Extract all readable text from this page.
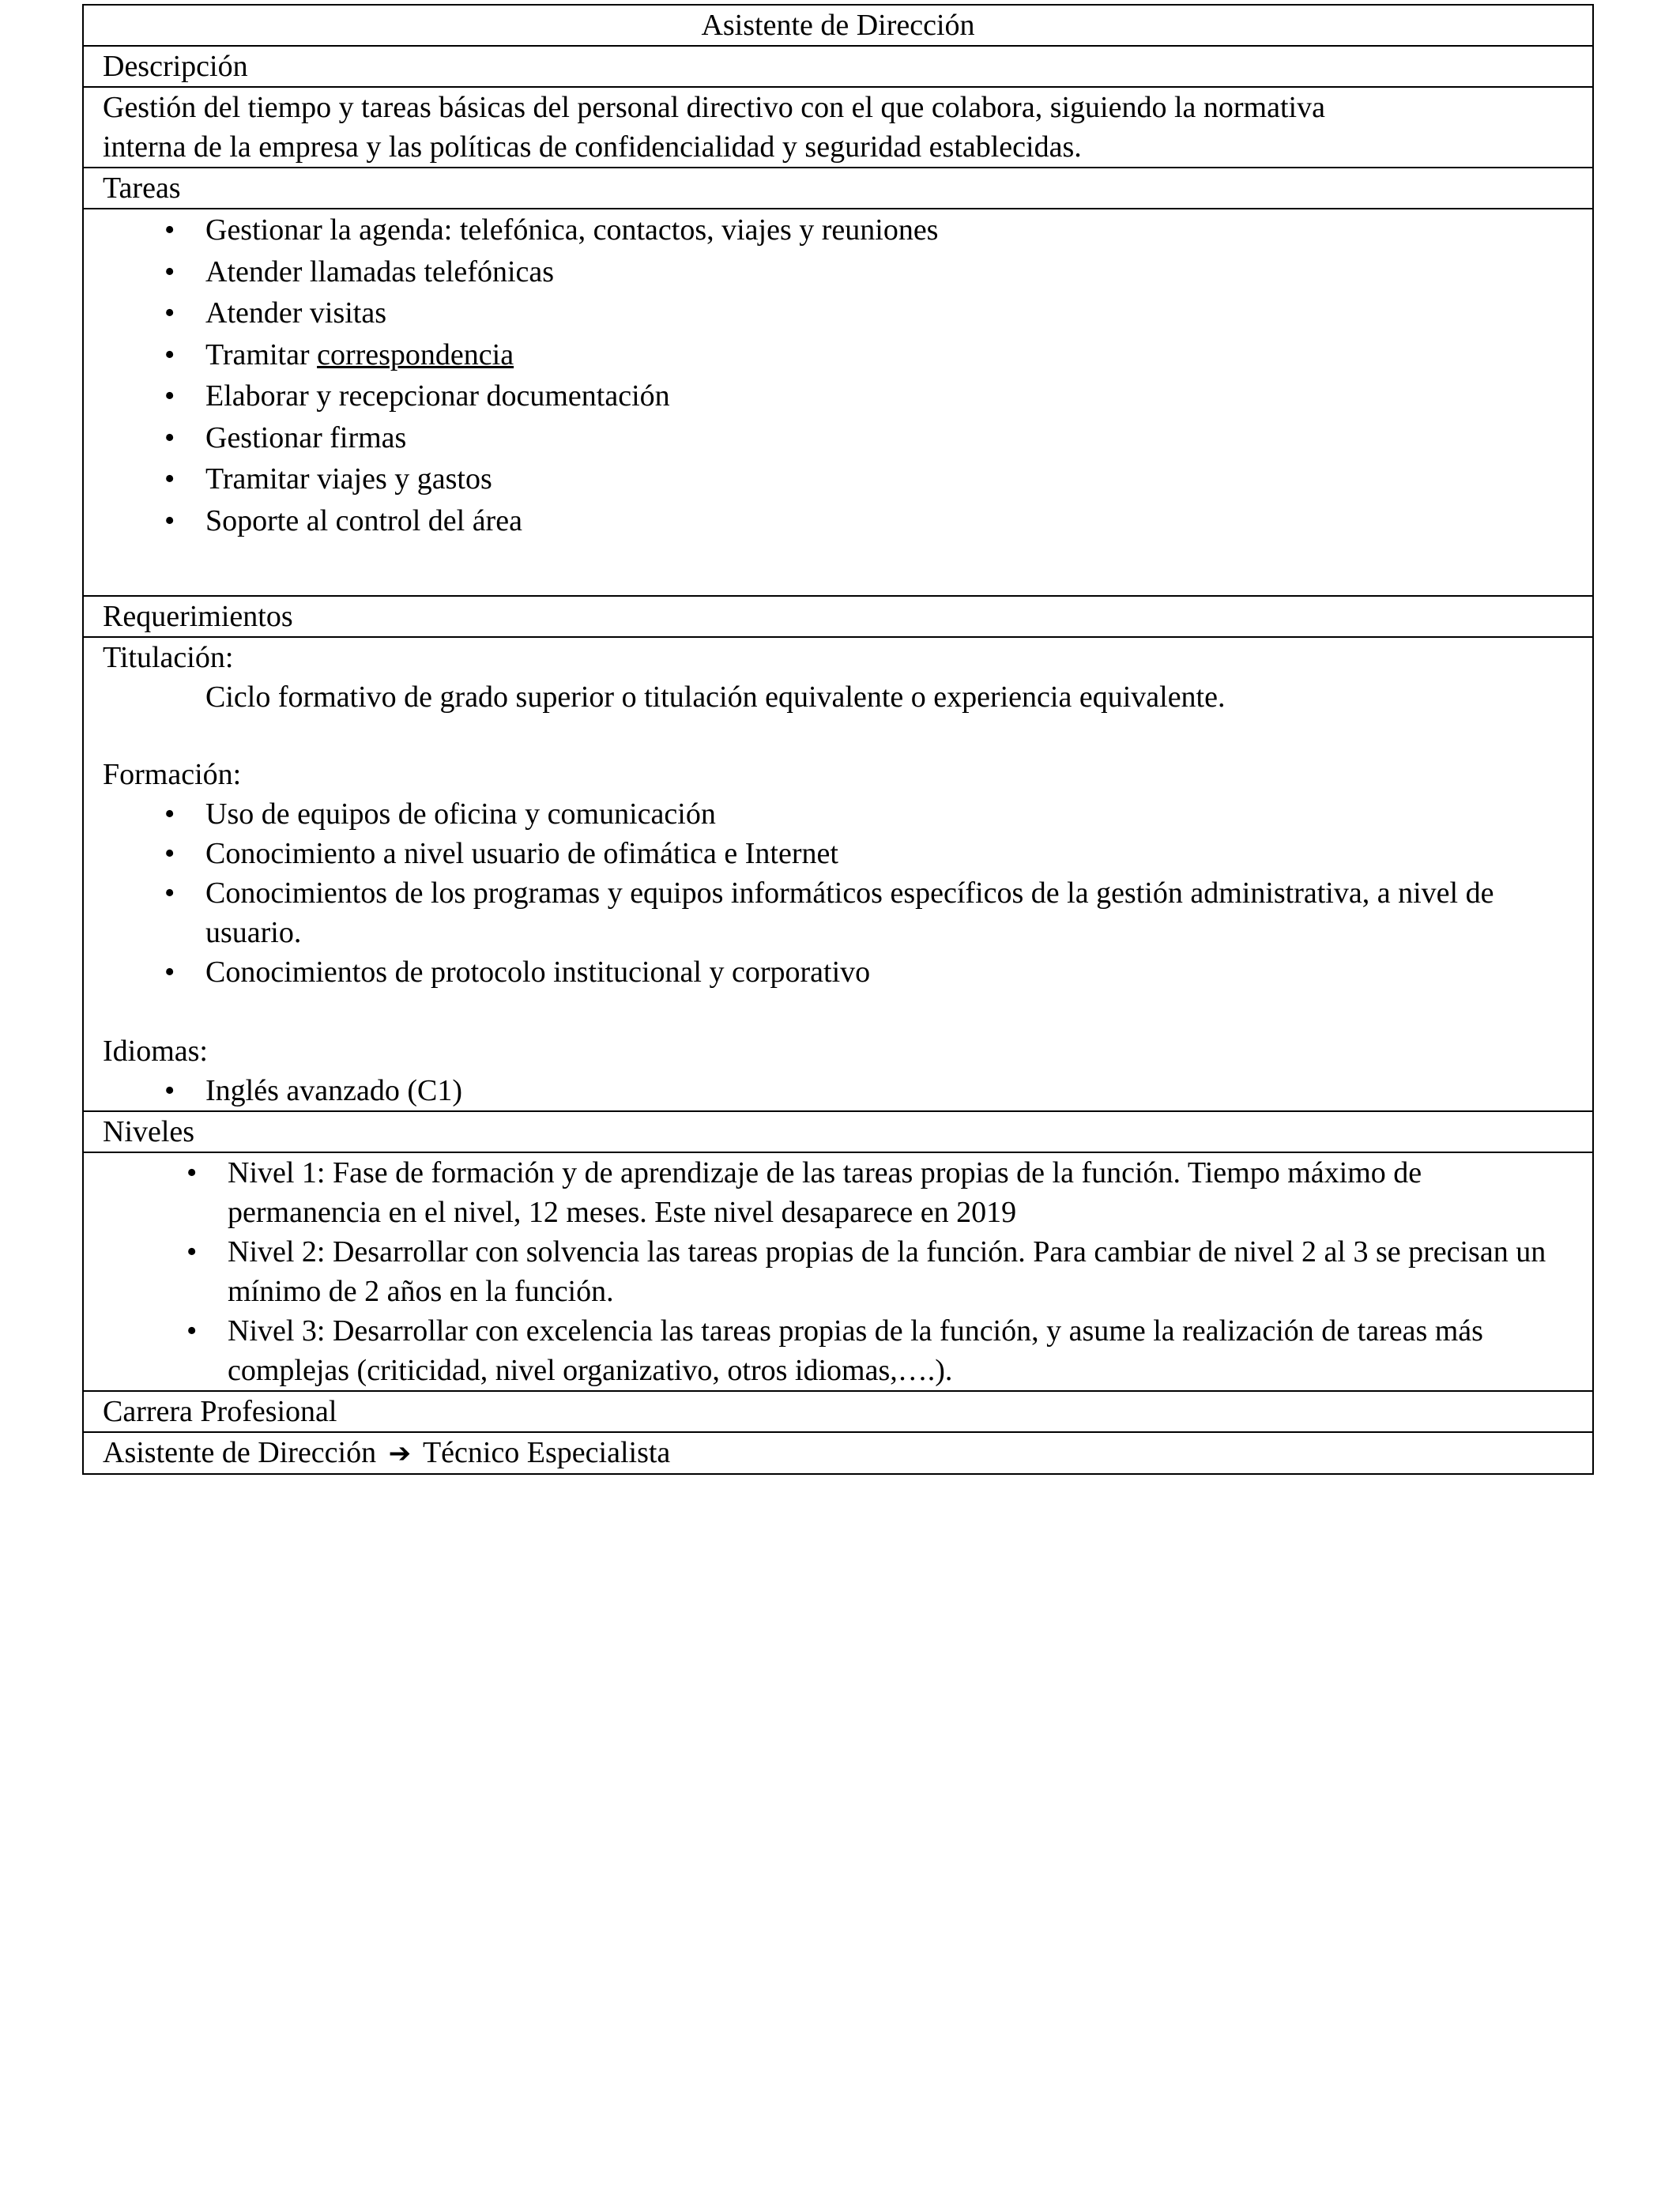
Asistente de Dirección
Descripción
Gestión del tiempo y tareas básicas del personal directivo con el que colabora, siguiendo la normativa
interna de la empresa y las políticas de confidencialidad y seguridad establecidas.
Tareas
• Gestionar la agenda: telefónica, contactos, viajes y reuniones
• Atender llamadas telefónicas
• Atender visitas
• Tramitar correspondencia
• Elaborar y recepcionar documentación
• Gestionar firmas
• Tramitar viajes y gastos
• Soporte al control del área
Requerimientos
Titulación:
Ciclo formativo de grado superior o titulación equivalente o experiencia equivalente.
Formación:
• Uso de equipos de oficina y comunicación
• Conocimiento a nivel usuario de ofimática e Internet
• Conocimientos de los programas y equipos informáticos específicos de la gestión administrativa, a nivel de usuario.
• Conocimientos de protocolo institucional y corporativo
Idiomas:
• Inglés avanzado (C1)
Niveles
• Nivel 1: Fase de formación y de aprendizaje de las tareas propias de la función. Tiempo máximo de permanencia en el nivel, 12 meses. Este nivel desaparece en 2019
• Nivel 2: Desarrollar con solvencia las tareas propias de la función. Para cambiar de nivel 2 al 3 se precisan un mínimo de 2 años en la función.
• Nivel 3: Desarrollar con excelencia las tareas propias de la función, y asume la realización de tareas más complejas (criticidad, nivel organizativo, otros idiomas,….).
Carrera Profesional
Asistente de Dirección ➔ Técnico Especialista
